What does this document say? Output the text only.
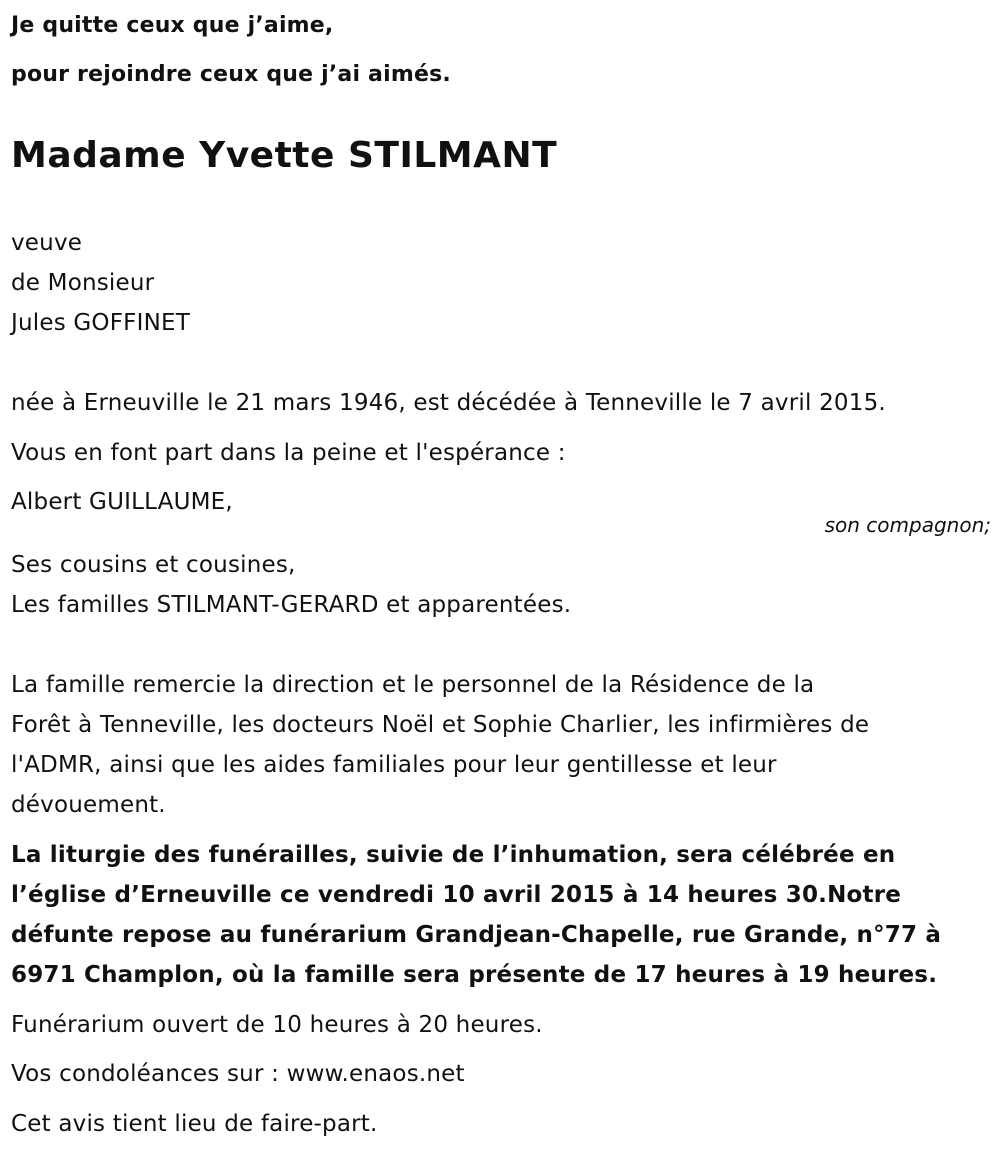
Je quitte ceux que j’aime,
pour rejoindre ceux que j’ai aimés.
Madame Yvette STILMANT
veuve
de Monsieur
Jules GOFFINET
née à Erneuville le 21 mars 1946, est décédée à Tenneville le 7 avril 2015.
Vous en font part dans la peine et l'espérance :
Albert GUILLAUME,
son compagnon;
Ses cousins et cousines,
Les familles STILMANT-GERARD et apparentées.
La famille remercie la direction et le personnel de la Résidence de la
Forêt à Tenneville, les docteurs Noël et Sophie Charlier, les infirmières de
l'ADMR, ainsi que les aides familiales pour leur gentillesse et leur
dévouement.
La liturgie des funérailles, suivie de l’inhumation, sera célébrée en
l’église d’Erneuville ce vendredi 10 avril 2015 à 14 heures 30.Notre
défunte repose au funérarium Grandjean-Chapelle, rue Grande, n°77 à
6971 Champlon, où la famille sera présente de 17 heures à 19 heures.
Funérarium ouvert de 10 heures à 20 heures.
Vos condoléances sur : www.enaos.net
Cet avis tient lieu de faire-part.
